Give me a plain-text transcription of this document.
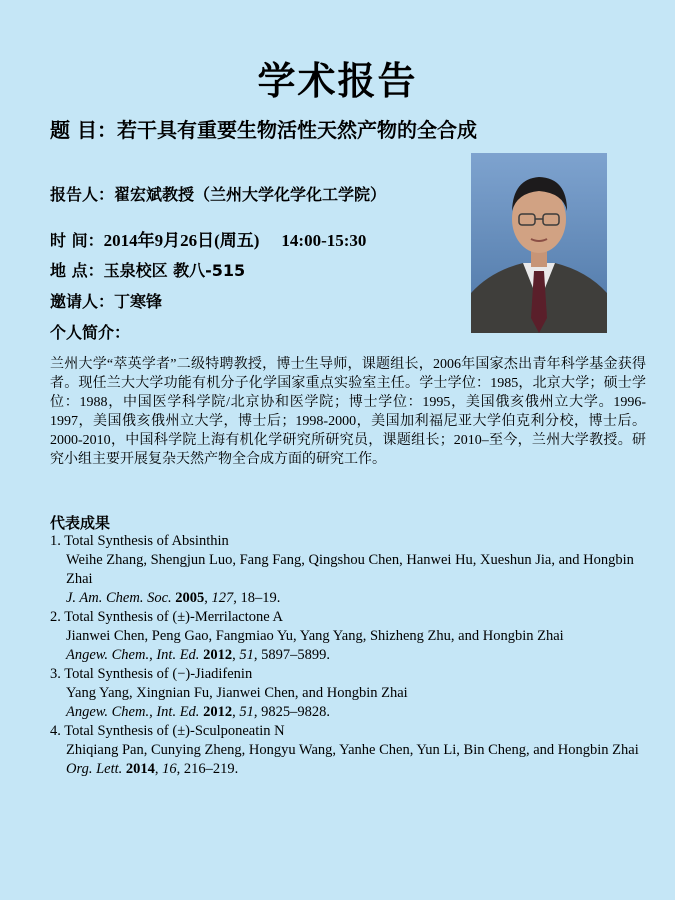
学术报告
题 目：若干具有重要生物活性天然产物的全合成
报告人：翟宏斌教授（兰州大学化学化工学院）
时 间：2014年9月26日(周五) 14:00-15:30
地 点：玉泉校区 教八-515
邀请人：丁寒锋
个人简介：
兰州大学“萃英学者”二级特聘教授，博士生导师，课题组长，2006年国家杰出青年科学基金获得者。现任兰大大学功能有机分子化学国家重点实验室主任。学士学位：1985，北京大学；硕士学位：1988，中国医学科学院/北京协和医学院；博士学位：1995，美国俄亥俄州立大学。1996-1997，美国俄亥俄州立大学，博士后；1998-2000，美国加利福尼亚大学伯克利分校，博士后。2000-2010，中国科学院上海有机化学研究所研究员，课题组长；2010–至今，兰州大学教授。研究小组主要开展复杂天然产物全合成方面的研究工作。
代表成果
1. Total Synthesis of Absinthin
Weihe Zhang, Shengjun Luo, Fang Fang, Qingshou Chen, Hanwei Hu, Xueshun Jia, and Hongbin Zhai
J. Am. Chem. Soc. 2005, 127, 18–19.
2. Total Synthesis of (±)-Merrilactone A
Jianwei Chen, Peng Gao, Fangmiao Yu, Yang Yang, Shizheng Zhu, and Hongbin Zhai
Angew. Chem., Int. Ed. 2012, 51, 5897–5899.
3. Total Synthesis of (−)-Jiadifenin
Yang Yang, Xingnian Fu, Jianwei Chen, and Hongbin Zhai
Angew. Chem., Int. Ed. 2012, 51, 9825–9828.
4. Total Synthesis of (±)-Sculponeatin N
Zhiqiang Pan, Cunying Zheng, Hongyu Wang, Yanhe Chen, Yun Li, Bin Cheng, and Hongbin Zhai
Org. Lett. 2014, 16, 216–219.
